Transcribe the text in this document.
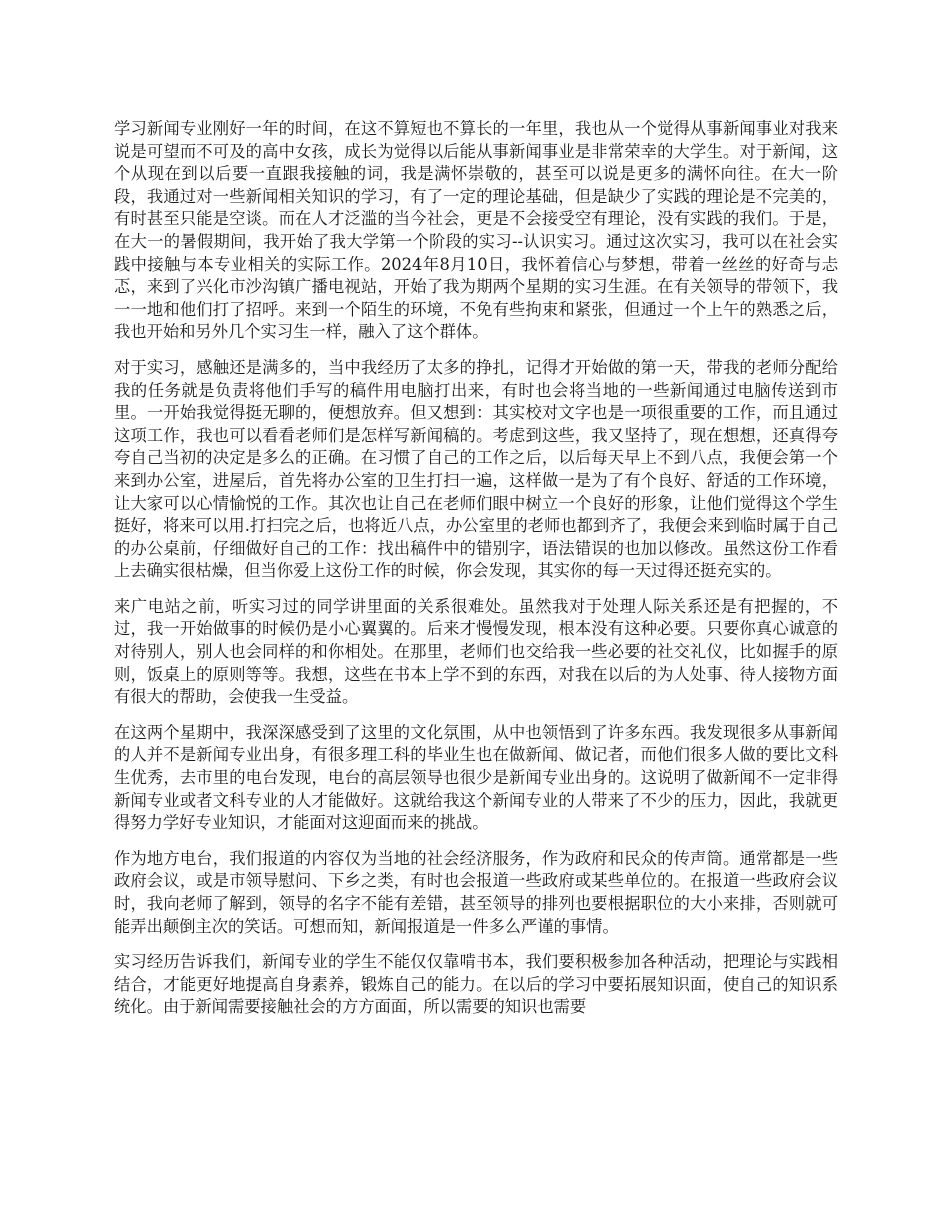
学习新闻专业刚好一年的时间，在这不算短也不算长的一年里，我也从一个觉得从事新闻事业对我来说是可望而不可及的高中女孩，成长为觉得以后能从事新闻事业是非常荣幸的大学生。对于新闻，这个从现在到以后要一直跟我接触的词，我是满怀崇敬的，甚至可以说是更多的满怀向往。在大一阶段，我通过对一些新闻相关知识的学习，有了一定的理论基础，但是缺少了实践的理论是不完美的，有时甚至只能是空谈。而在人才泛滥的当今社会，更是不会接受空有理论，没有实践的我们。于是，在大一的暑假期间，我开始了我大学第一个阶段的实习--认识实习。通过这次实习，我可以在社会实践中接触与本专业相关的实际工作。2024年8月10日，我怀着信心与梦想，带着一丝丝的好奇与忐忑，来到了兴化市沙沟镇广播电视站，开始了我为期两个星期的实习生涯。在有关领导的带领下，我一一地和他们打了招呼。来到一个陌生的环境，不免有些拘束和紧张，但通过一个上午的熟悉之后，我也开始和另外几个实习生一样，融入了这个群体。

对于实习，感触还是满多的，当中我经历了太多的挣扎，记得才开始做的第一天，带我的老师分配给我的任务就是负责将他们手写的稿件用电脑打出来，有时也会将当地的一些新闻通过电脑传送到市里。一开始我觉得挺无聊的，便想放弃。但又想到：其实校对文字也是一项很重要的工作，而且通过这项工作，我也可以看看老师们是怎样写新闻稿的。考虑到这些，我又坚持了，现在想想，还真得夸夸自己当初的决定是多么的正确。在习惯了自己的工作之后，以后每天早上不到八点，我便会第一个来到办公室，进屋后，首先将办公室的卫生打扫一遍，这样做一是为了有个良好、舒适的工作环境，让大家可以心情愉悦的工作。其次也让自己在老师们眼中树立一个良好的形象，让他们觉得这个学生挺好，将来可以用.打扫完之后，也将近八点，办公室里的老师也都到齐了，我便会来到临时属于自己的办公桌前，仔细做好自己的工作：找出稿件中的错别字，语法错误的也加以修改。虽然这份工作看上去确实很枯燥，但当你爱上这份工作的时候，你会发现，其实你的每一天过得还挺充实的。

来广电站之前，听实习过的同学讲里面的关系很难处。虽然我对于处理人际关系还是有把握的，不过，我一开始做事的时候仍是小心翼翼的。后来才慢慢发现，根本没有这种必要。只要你真心诚意的对待别人，别人也会同样的和你相处。在那里，老师们也交给我一些必要的社交礼仪，比如握手的原则，饭桌上的原则等等。我想，这些在书本上学不到的东西，对我在以后的为人处事、待人接物方面有很大的帮助，会使我一生受益。

在这两个星期中，我深深感受到了这里的文化氛围，从中也领悟到了许多东西。我发现很多从事新闻的人并不是新闻专业出身，有很多理工科的毕业生也在做新闻、做记者，而他们很多人做的要比文科生优秀，去市里的电台发现，电台的高层领导也很少是新闻专业出身的。这说明了做新闻不一定非得新闻专业或者文科专业的人才能做好。这就给我这个新闻专业的人带来了不少的压力，因此，我就更得努力学好专业知识，才能面对这迎面而来的挑战。

作为地方电台，我们报道的内容仅为当地的社会经济服务，作为政府和民众的传声筒。通常都是一些政府会议，或是市领导慰问、下乡之类，有时也会报道一些政府或某些单位的。在报道一些政府会议时，我向老师了解到，领导的名字不能有差错，甚至领导的排列也要根据职位的大小来排，否则就可能弄出颠倒主次的笑话。可想而知，新闻报道是一件多么严谨的事情。

实习经历告诉我们，新闻专业的学生不能仅仅靠啃书本，我们要积极参加各种活动，把理论与实践相结合，才能更好地提高自身素养，锻炼自己的能力。在以后的学习中要拓展知识面，使自己的知识系统化。由于新闻需要接触社会的方方面面，所以需要的知识也需要
